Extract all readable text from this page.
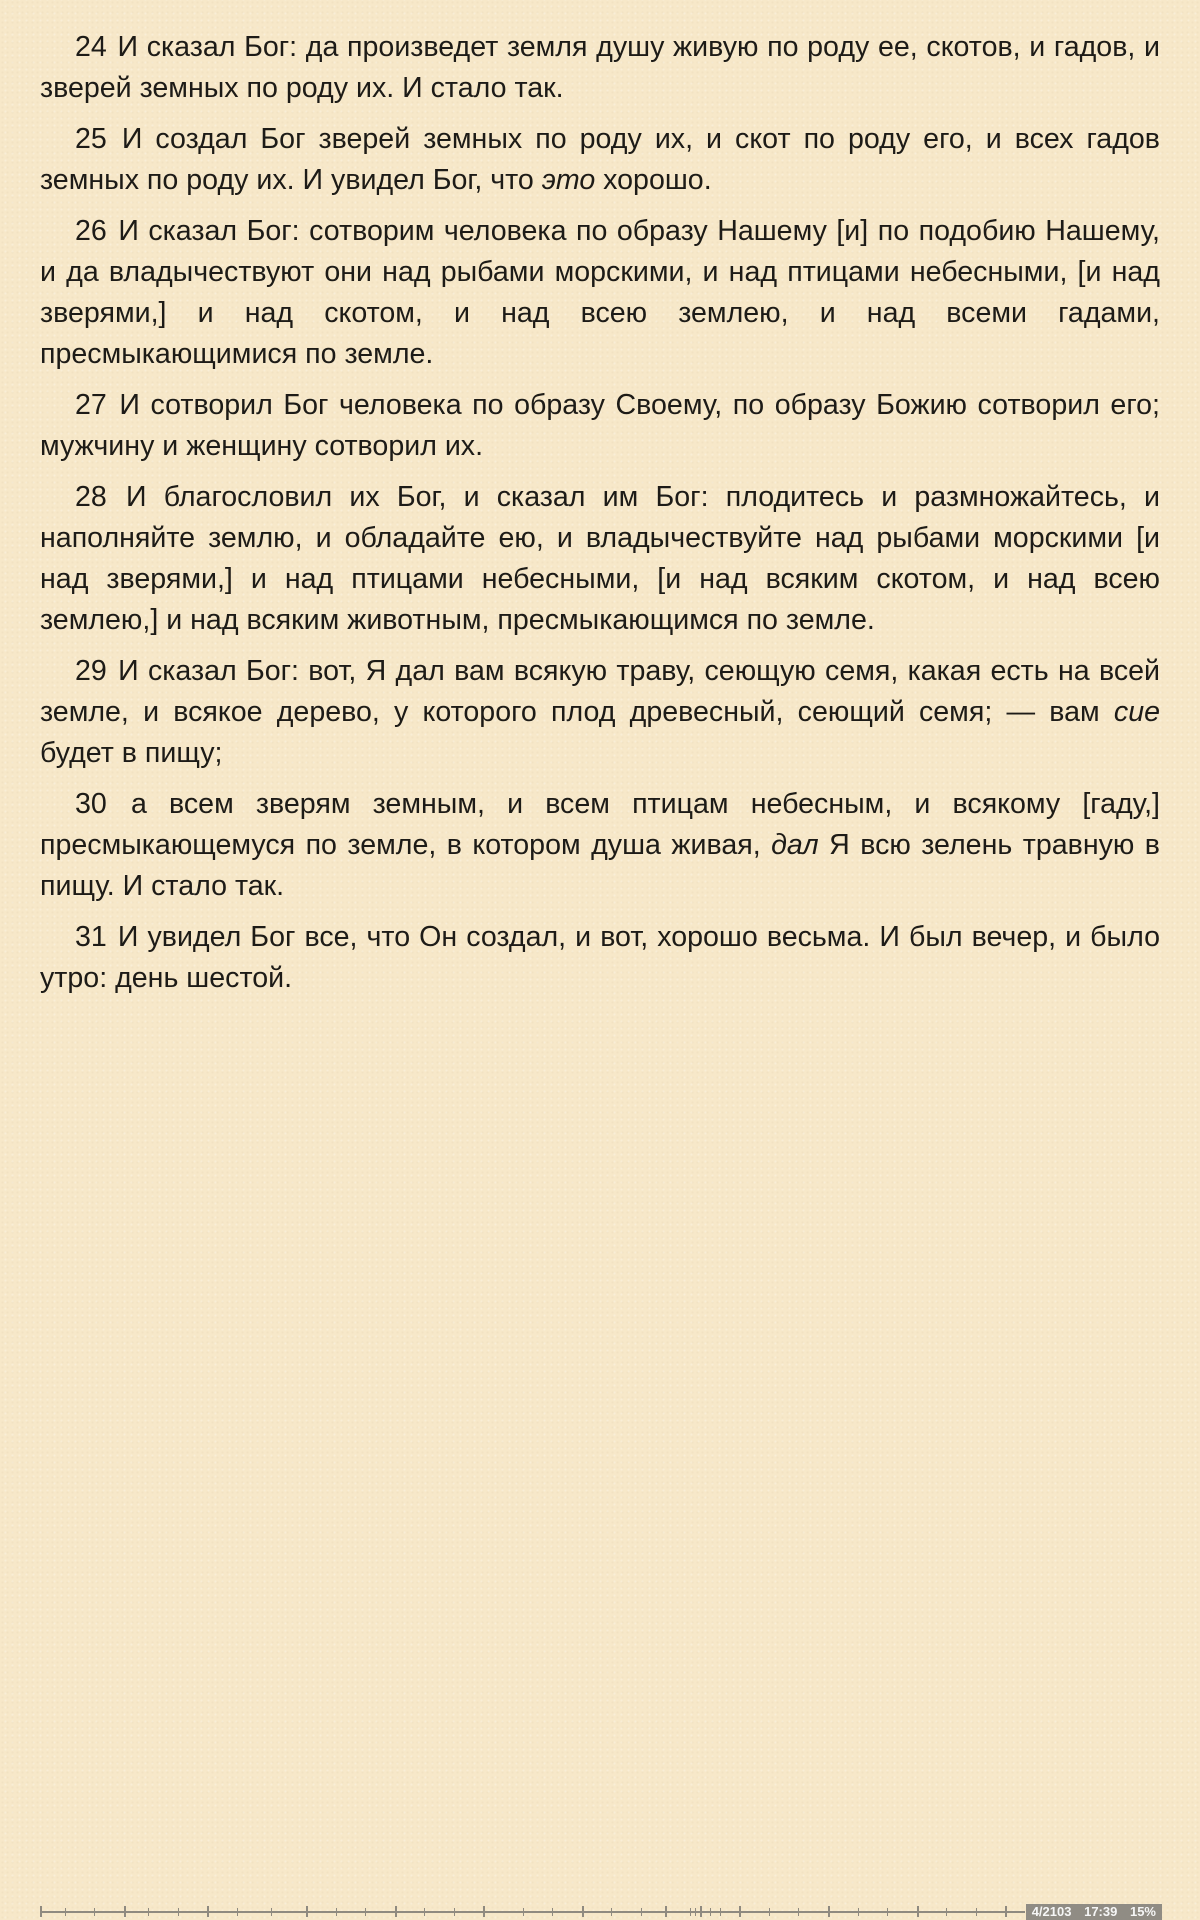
24 И сказал Бог: да произведет земля душу живую по роду ее, скотов, и гадов, и зверей земных по роду их. И стало так.

25 И создал Бог зверей земных по роду их, и скот по роду его, и всех гадов земных по роду их. И увидел Бог, что это хорошо.

26 И сказал Бог: сотворим человека по образу Нашему [и] по подобию Нашему, и да владычествуют они над рыбами морскими, и над птицами небесными, [и над зверями,] и над скотом, и над всею землею, и над всеми гадами, пресмыкающимися по земле.

27 И сотворил Бог человека по образу Своему, по образу Божию сотворил его; мужчину и женщину сотворил их.

28 И благословил их Бог, и сказал им Бог: плодитесь и размножайтесь, и наполняйте землю, и обладайте ею, и владычествуйте над рыбами морскими [и над зверями,] и над птицами небесными, [и над всяким скотом, и над всею землею,] и над всяким животным, пресмыкающимся по земле.

29 И сказал Бог: вот, Я дал вам всякую траву, сеющую семя, какая есть на всей земле, и всякое дерево, у которого плод древесный, сеющий семя; — вам сие будет в пищу;

30 а всем зверям земным, и всем птицам небесным, и всякому [гаду,] пресмыкающемуся по земле, в котором душа живая, дал Я всю зелень травную в пищу. И стало так.

31 И увидел Бог все, что Он создал, и вот, хорошо весьма. И был вечер, и было утро: день шестой.

4/2103 17:39 15%
